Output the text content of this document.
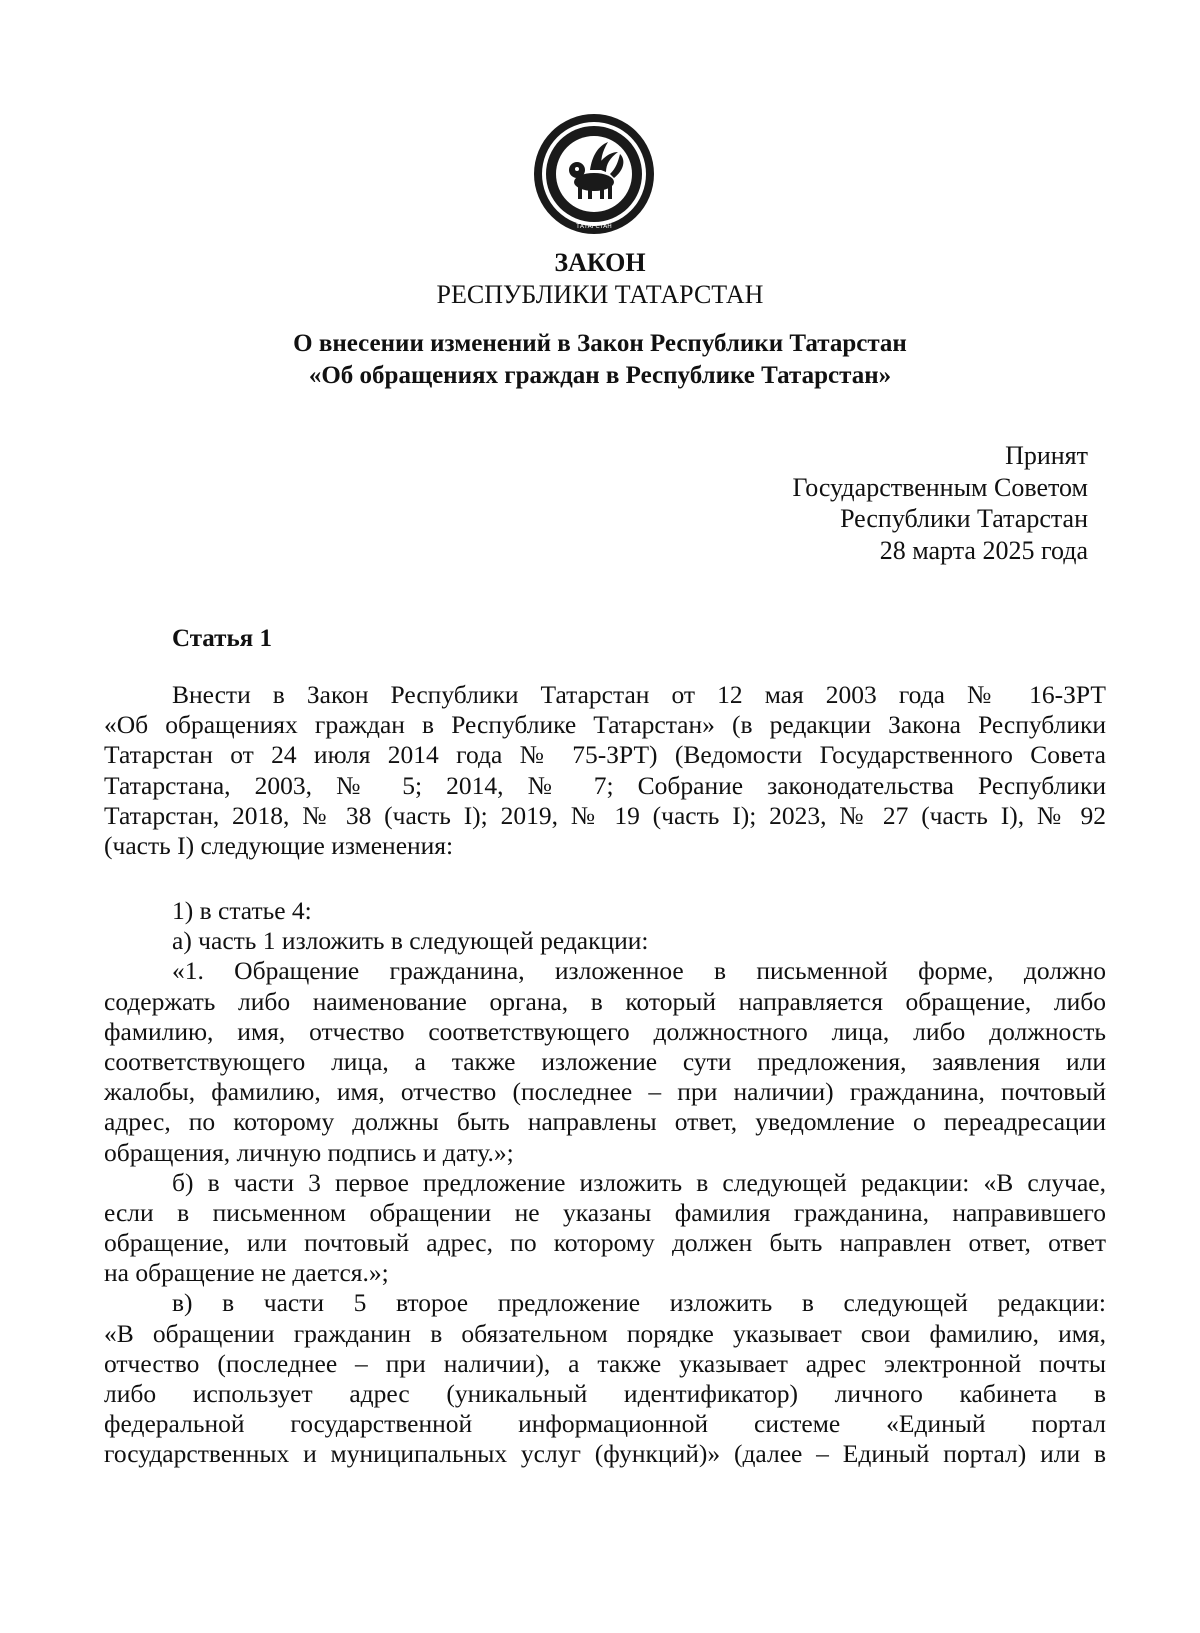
ТАТАРСТАН
ЗАКОН
РЕСПУБЛИКИ ТАТАРСТАН
О внесении изменений в Закон Республики Татарстан
«Об обращениях граждан в Республике Татарстан»
Принят
Государственным Советом
Республики Татарстан
28 марта 2025 года
Статья 1
Внести в Закон Республики Татарстан от 12 мая 2003 года № 16-ЗРТ
«Об обращениях граждан в Республике Татарстан» (в редакции Закона Республики
Татарстан от 24 июля 2014 года № 75-ЗРТ) (Ведомости Государственного Совета
Татарстана, 2003, № 5; 2014, № 7; Собрание законодательства Республики
Татарстан, 2018, № 38 (часть I); 2019, № 19 (часть I); 2023, № 27 (часть I), № 92
(часть I) следующие изменения:
1) в статье 4:
а) часть 1 изложить в следующей редакции:
«1. Обращение гражданина, изложенное в письменной форме, должно
содержать либо наименование органа, в который направляется обращение, либо
фамилию, имя, отчество соответствующего должностного лица, либо должность
соответствующего лица, а также изложение сути предложения, заявления или
жалобы, фамилию, имя, отчество (последнее – при наличии) гражданина, почтовый
адрес, по которому должны быть направлены ответ, уведомление о переадресации
обращения, личную подпись и дату.»;
б) в части 3 первое предложение изложить в следующей редакции: «В случае,
если в письменном обращении не указаны фамилия гражданина, направившего
обращение, или почтовый адрес, по которому должен быть направлен ответ, ответ
на обращение не дается.»;
в) в части 5 второе предложение изложить в следующей редакции:
«В обращении гражданин в обязательном порядке указывает свои фамилию, имя,
отчество (последнее – при наличии), а также указывает адрес электронной почты
либо использует адрес (уникальный идентификатор) личного кабинета в
федеральной государственной информационной системе «Единый портал
государственных и муниципальных услуг (функций)» (далее – Единый портал) или в
